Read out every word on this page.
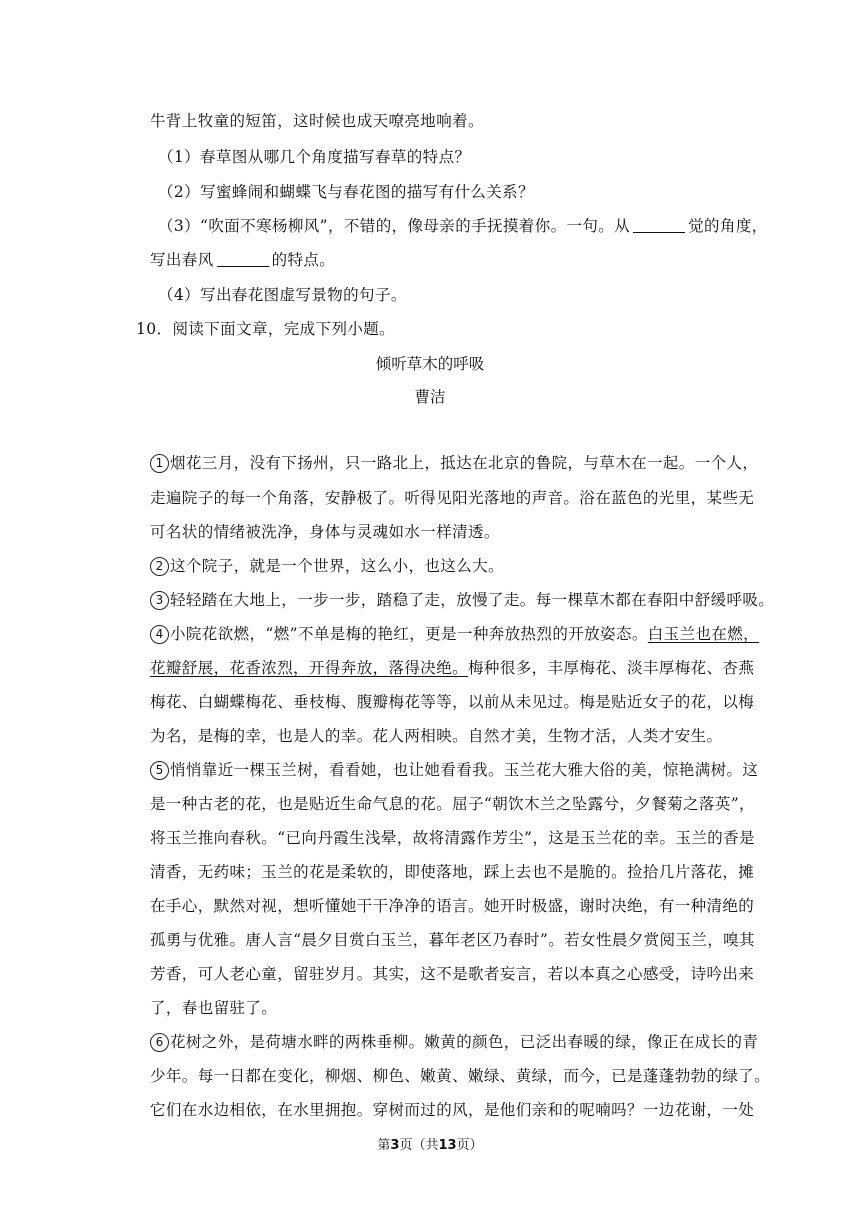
牛背上牧童的短笛，这时候也成天嘹亮地响着。
（1）春草图从哪几个角度描写春草的特点？
（2）写蜜蜂闹和蝴蝶飞与春花图的描写有什么关系？
（3）“吹面不寒杨柳风”，不错的，像母亲的手抚摸着你。一句。从	觉的角度，
写出春风	的特点。
（4）写出春花图虚写景物的句子。
10．阅读下面文章，完成下列小题。
倾听草木的呼吸
曹洁
1 烟花三月，没有下扬州，只一路北上，抵达在北京的鲁院，与草木在一起。一个人，
走遍院子的每一个角落，安静极了。听得见阳光落地的声音。浴在蓝色的光里，某些无
可名状的情绪被洗净，身体与灵魂如水一样清透。
2 这个院子，就是一个世界，这么小，也这么大。
3 轻轻踏在大地上，一步一步，踏稳了走，放慢了走。每一棵草木都在春阳中舒缓呼吸。
4 小院花欲燃，“燃”不单是梅的艳红，更是一种奔放热烈的开放姿态。白玉兰也在燃，
花瓣舒展，花香浓烈，开得奔放，落得决绝。梅种很多，丰厚梅花、淡丰厚梅花、杏燕
梅花、白蝴蝶梅花、垂枝梅、腹瓣梅花等等，以前从未见过。梅是贴近女子的花，以梅
为名，是梅的幸，也是人的幸。花人两相映。自然才美，生物才活，人类才安生。
5 悄悄靠近一棵玉兰树，看看她，也让她看看我。玉兰花大雅大俗的美，惊艳满树。这
是一种古老的花，也是贴近生命气息的花。屈子“朝饮木兰之坠露兮，夕餐菊之落英”，
将玉兰推向春秋。“已向丹霞生浅晕，故将清露作芳尘”，这是玉兰花的幸。玉兰的香是
清香，无药味；玉兰的花是柔软的，即使落地，踩上去也不是脆的。捡拾几片落花，摊
在手心，默然对视，想听懂她干干净净的语言。她开时极盛，谢时决绝，有一种清绝的
孤勇与优雅。唐人言“晨夕目赏白玉兰，暮年老区乃春时”。若女性晨夕赏阅玉兰，嗅其
芳香，可人老心童，留驻岁月。其实，这不是歌者妄言，若以本真之心感受，诗吟出来
了，春也留驻了。
6 花树之外，是荷塘水畔的两株垂柳。嫩黄的颜色，已泛出春暖的绿，像正在成长的青
少年。每一日都在变化，柳烟、柳色、嫩黄、嫩绿、黄绿，而今，已是蓬蓬勃勃的绿了。
它们在水边相依，在水里拥抱。穿树而过的风，是他们亲和的呢喃吗？一边花谢，一处
第3页（共13页）
